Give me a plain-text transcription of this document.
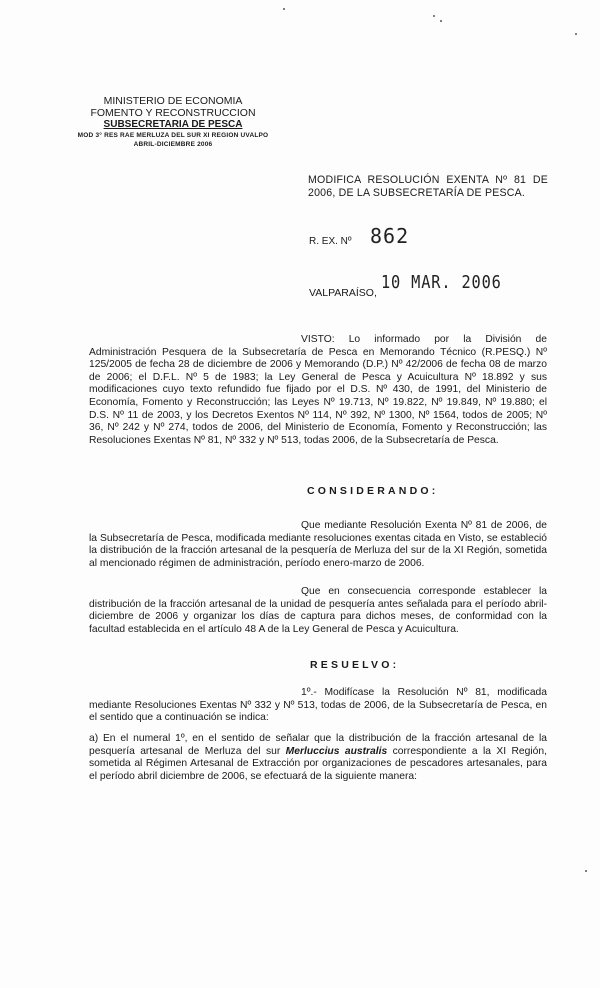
MINISTERIO DE ECONOMIA
FOMENTO Y RECONSTRUCCION
SUBSECRETARIA DE PESCA
MOD 3° RES RAE MERLUZA DEL SUR XI REGION UVALPO
ABRIL-DICIEMBRE 2006
MODIFICA RESOLUCIÓN EXENTA Nº 81 DE 2006, DE LA SUBSECRETARÍA DE PESCA.
R. EX. Nº 862
VALPARAÍSO, 10 MAR. 2006
VISTO: Lo informado por la División de Administración Pesquera de la Subsecretaría de Pesca en Memorando Técnico (R.PESQ.) Nº 125/2005 de fecha 28 de diciembre de 2006 y Memorando (D.P.) Nº 42/2006 de fecha 08 de marzo de 2006; el D.F.L. Nº 5 de 1983; la Ley General de Pesca y Acuicultura Nº 18.892 y sus modificaciones cuyo texto refundido fue fijado por el D.S. Nº 430, de 1991, del Ministerio de Economía, Fomento y Reconstrucción; las Leyes Nº 19.713, Nº 19.822, Nº 19.849, Nº 19.880; el D.S. Nº 11 de 2003, y los Decretos Exentos Nº 114, Nº 392, Nº 1300, Nº 1564, todos de 2005; Nº 36, Nº 242 y Nº 274, todos de 2006, del Ministerio de Economía, Fomento y Reconstrucción; las Resoluciones Exentas Nº 81, Nº 332 y Nº 513, todas 2006, de la Subsecretaría de Pesca.
CONSIDERANDO:
Que mediante Resolución Exenta Nº 81 de 2006, de la Subsecretaría de Pesca, modificada mediante resoluciones exentas citada en Visto, se estableció la distribución de la fracción artesanal de la pesquería de Merluza del sur de la XI Región, sometida al mencionado régimen de administración, período enero-marzo de 2006.
Que en consecuencia corresponde establecer la distribución de la fracción artesanal de la unidad de pesquería antes señalada para el período abril-diciembre de 2006 y organizar los días de captura para dichos meses, de conformidad con la facultad establecida en el artículo 48 A de la Ley General de Pesca y Acuicultura.
RESUELVO:
1º.- Modifícase la Resolución Nº 81, modificada mediante Resoluciones Exentas Nº 332 y Nº 513, todas de 2006, de la Subsecretaría de Pesca, en el sentido que a continuación se indica:
a) En el numeral 1º, en el sentido de señalar que la distribución de la fracción artesanal de la pesquería artesanal de Merluza del sur Merluccius australis correspondiente a la XI Región, sometida al Régimen Artesanal de Extracción por organizaciones de pescadores artesanales, para el período abril diciembre de 2006, se efectuará de la siguiente manera:
